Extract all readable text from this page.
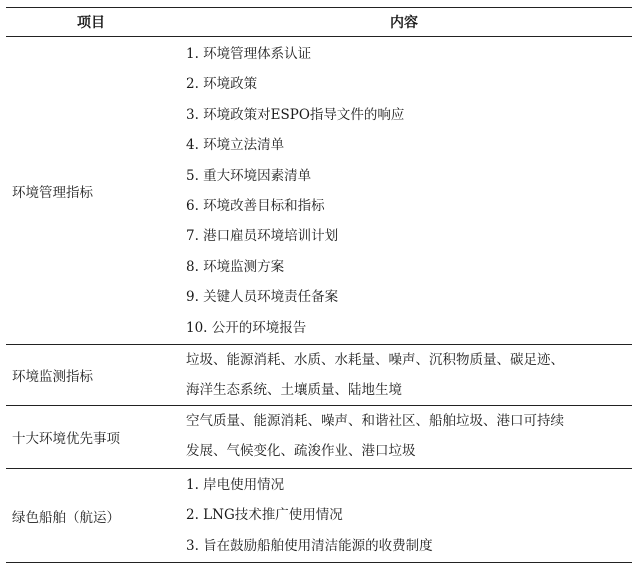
项目	内容
环境管理指标
1. 环境管理体系认证
2. 环境政策
3. 环境政策对ESPO指导文件的响应
4. 环境立法清单
5. 重大环境因素清单
6. 环境改善目标和指标
7. 港口雇员环境培训计划
8. 环境监测方案
9. 关键人员环境责任备案
10. 公开的环境报告
环境监测指标
垃圾、能源消耗、水质、水耗量、噪声、沉积物质量、碳足迹、
海洋生态系统、土壤质量、陆地生境
十大环境优先事项
空气质量、能源消耗、噪声、和谐社区、船舶垃圾、港口可持续
发展、气候变化、疏浚作业、港口垃圾
绿色船舶（航运）
1. 岸电使用情况
2. LNG技术推广使用情况
3. 旨在鼓励船舶使用清洁能源的收费制度
